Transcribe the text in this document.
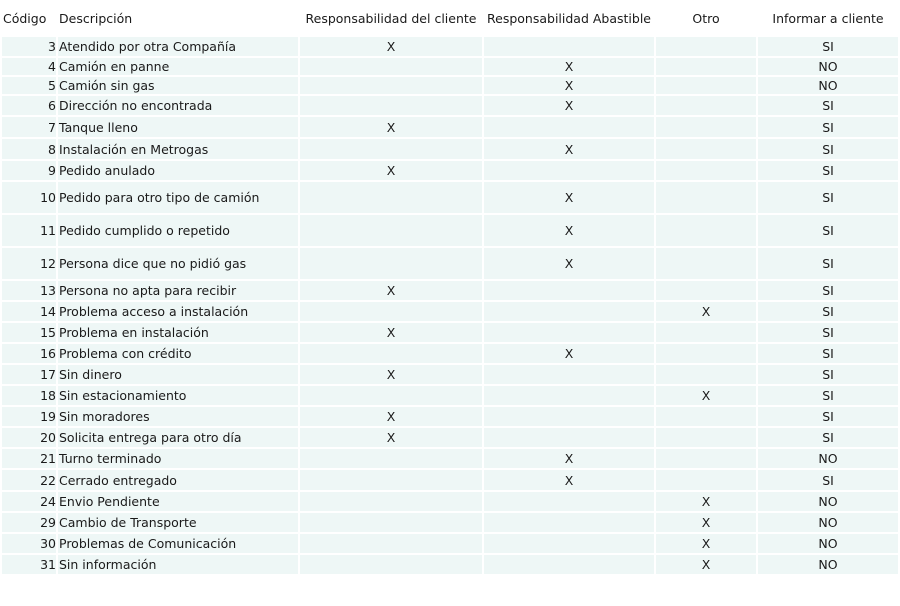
Código	Descripción	Responsabilidad del cliente	Responsabilidad Abastible	Otro	Informar a cliente
3	Atendido por otra Compañía	X			SI
4	Camión en panne		X		NO
5	Camión sin gas		X		NO
6	Dirección no encontrada		X		SI
7	Tanque lleno	X			SI
8	Instalación en Metrogas		X		SI
9	Pedido anulado	X			SI
10	Pedido para otro tipo de camión		X		SI
11	Pedido cumplido o repetido		X		SI
12	Persona dice que no pidió gas		X		SI
13	Persona no apta para recibir	X			SI
14	Problema acceso a instalación			X	SI
15	Problema en instalación	X			SI
16	Problema con crédito		X		SI
17	Sin dinero	X			SI
18	Sin estacionamiento			X	SI
19	Sin moradores	X			SI
20	Solicita entrega para otro día	X			SI
21	Turno terminado		X		NO
22	Cerrado entregado		X		SI
24	Envio Pendiente			X	NO
29	Cambio de Transporte			X	NO
30	Problemas de Comunicación			X	NO
31	Sin información			X	NO
